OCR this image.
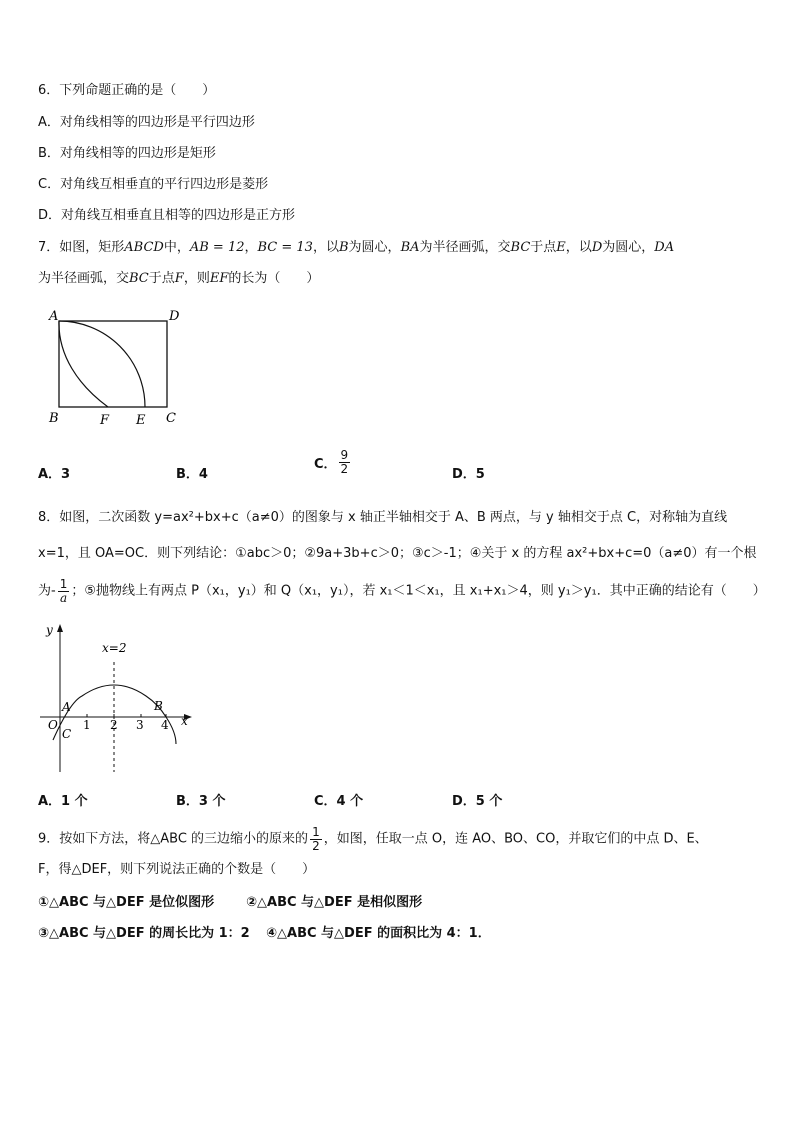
6．下列命题正确的是（　　）
A．对角线相等的四边形是平行四边形
B．对角线相等的四边形是矩形
C．对角线互相垂直的平行四边形是菱形
D．对角线互相垂直且相等的四边形是正方形
7．如图，矩形ABCD中，AB = 12，BC = 13，以B为圆心，BA为半径画弧，交BC于点E，以D为圆心，DA
为半径画弧，交BC于点F，则EF的长为（　　）
A	D
B	F E C
A．3	B．4
C． $\frac{9}{2}$	D．5
8．如图，二次函数 y=ax²+bx+c（a≠0）的图象与 x 轴正半轴相交于 A、B 两点，与 y 轴相交于点 C，对称轴为直线
x=1，且 OA=OC．则下列结论：①abc＞0；②9a+3b+c＞0；③c＞-1；④关于 x 的方程 ax²+bx+c=0（a≠0）有一个根
为- $\frac{1}{a}$ ；⑤抛物线上有两点 P（x₁，y₁）和 Q（x₁，y₁），若 x₁＜1＜x₁，且 x₁+x₁＞4，则 y₁＞y₁．其中正确的结论有（　　）
y
x
x=2
O
A	B
C
1 2 3 4
A．1 个	B．3 个	C．4 个	D．5 个
9．按如下方法，将△ABC 的三边缩小的原来的 $\frac{1}{2}$ ，如图，任取一点 O，连 AO、BO、CO，并取它们的中点 D、E、
F，得△DEF，则下列说法正确的个数是（　　）
①△ABC 与△DEF 是位似图形 ②△ABC 与△DEF 是相似图形
③△ABC 与△DEF 的周长比为 1：2 ④△ABC 与△DEF 的面积比为 4：1．
